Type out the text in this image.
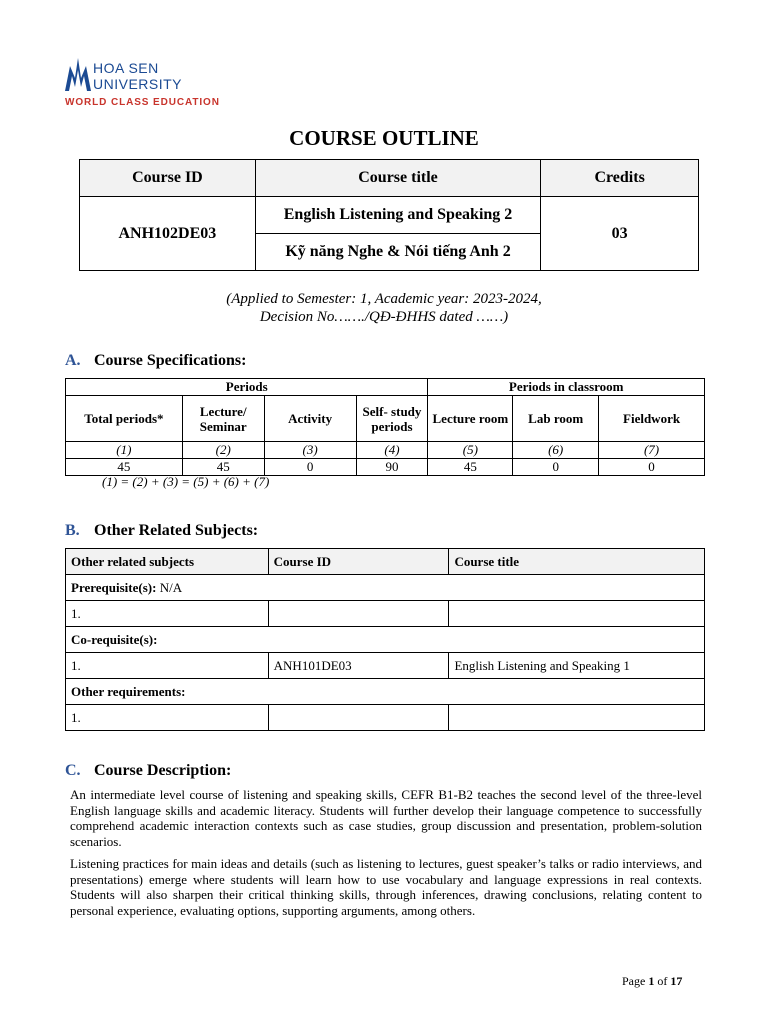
HOA SEN
UNIVERSITY
WORLD CLASS EDUCATION
COURSE OUTLINE
Course ID	Course title	Credits
ANH102DE03	English Listening and Speaking 2	03
	Kỹ năng Nghe & Nói tiếng Anh 2	
(Applied to Semester: 1, Academic year: 2023-2024,
Decision No……./QĐ-ĐHHS dated ……)
A. Course Specifications:
Periods				Periods in classroom		
Total periods*	Lecture/ Seminar	Activity	Self- study periods	Lecture room	Lab room	Fieldwork
(1)	(2)	(3)	(4)	(5)	(6)	(7)
45	45	0	90	45	0	0
(1) = (2) + (3) = (5) + (6) + (7)
B. Other Related Subjects:
Other related subjects	Course ID	Course title
Prerequisite(s): N/A		
1.		
Co-requisite(s):		
1.	ANH101DE03	English Listening and Speaking 1
Other requirements:		
1.		
C. Course Description:

An intermediate level course of listening and speaking skills, CEFR B1-B2 teaches the second level of the three-level English language skills and academic literacy. Students will further develop their language competence to successfully comprehend academic interaction contexts such as case studies, group discussion and presentation, problem-solution scenarios.

Listening practices for main ideas and details (such as listening to lectures, guest speaker’s talks or radio interviews, and presentations) emerge where students will learn how to use vocabulary and language expressions in real contexts. Students will also sharpen their critical thinking skills, through inferences, drawing conclusions, relating content to personal experience, evaluating options, supporting arguments, among others.

Page 1 of 17
